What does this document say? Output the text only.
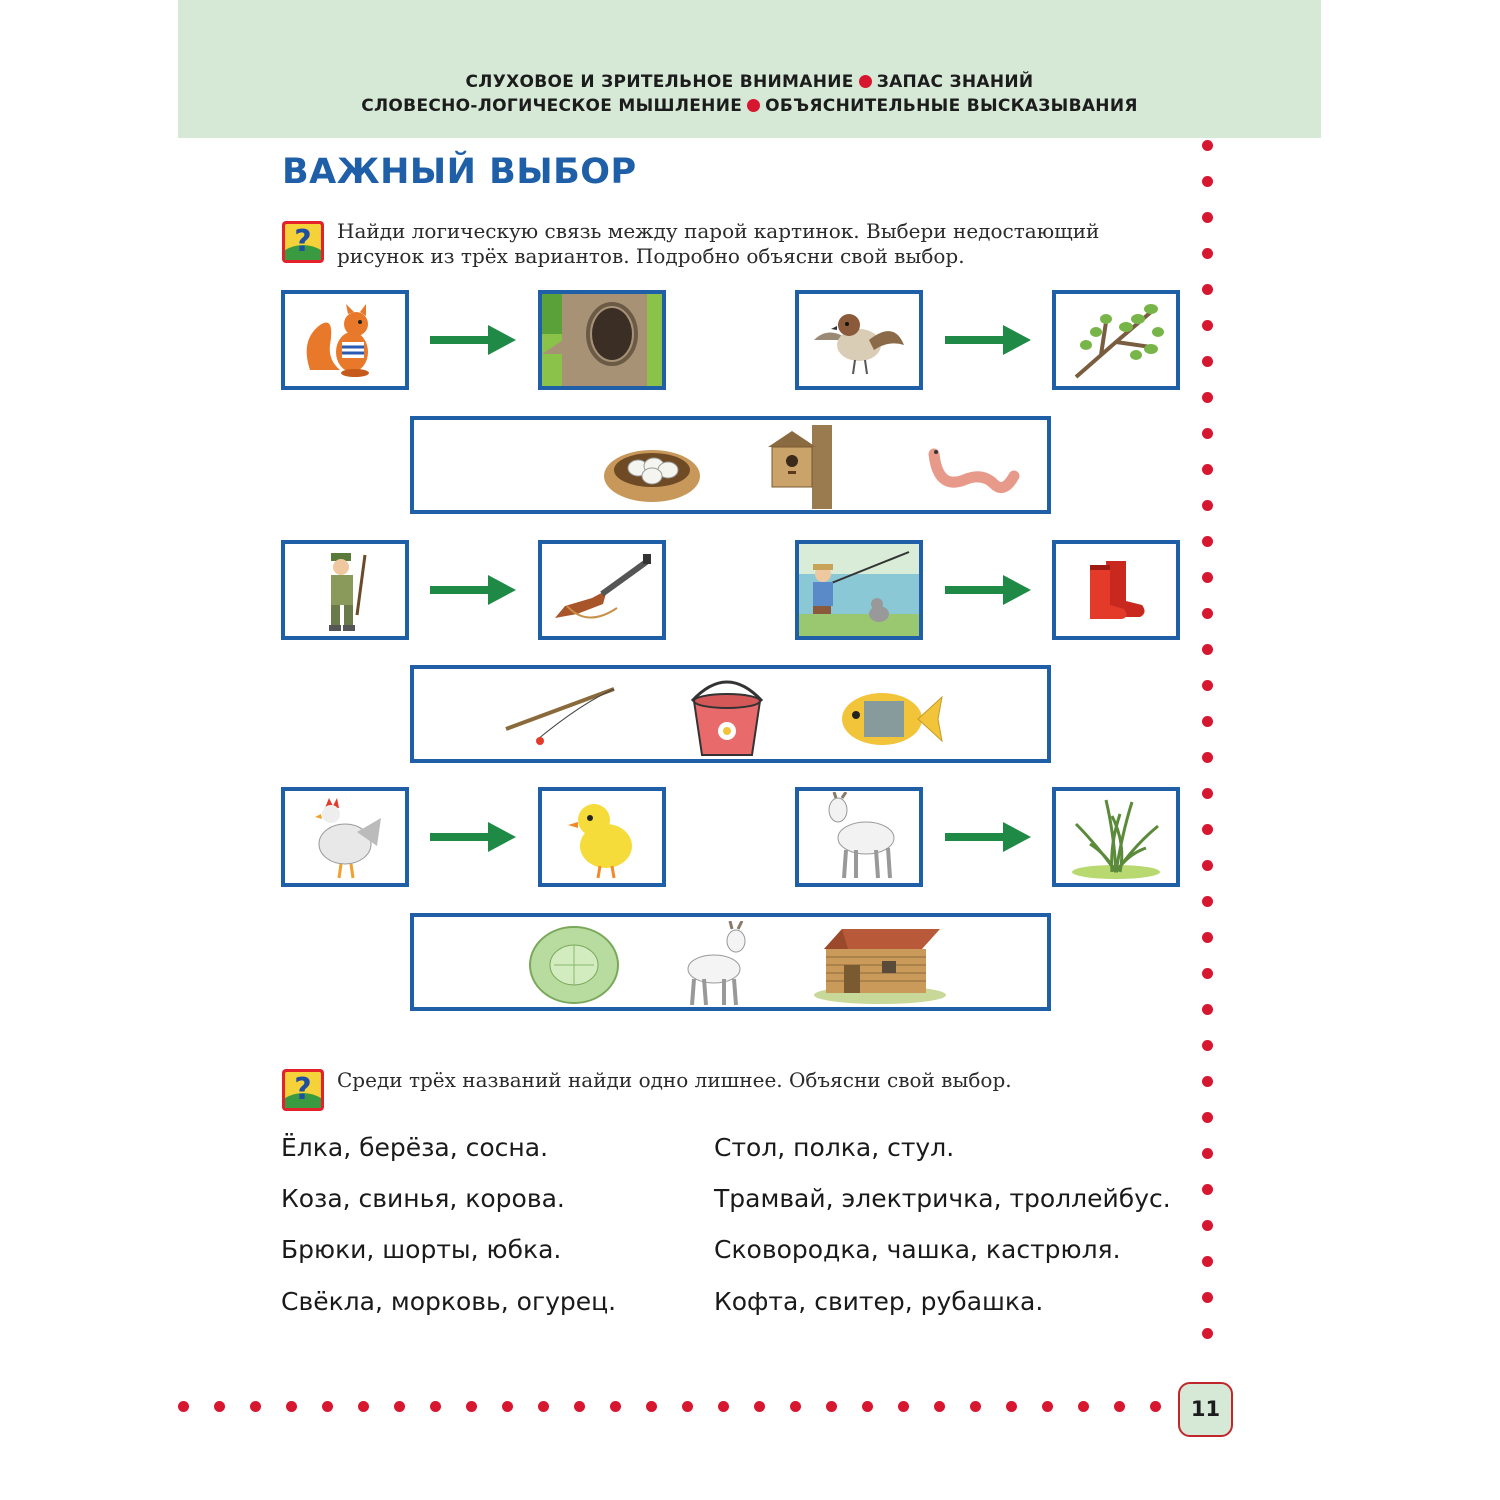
СЛУХОВОЕ И ЗРИТЕЛЬНОЕ ВНИМАНИЕ ЗАПАС ЗНАНИЙ
СЛОВЕСНО-ЛОГИЧЕСКОЕ МЫШЛЕНИЕ ОБЪЯСНИТЕЛЬНЫЕ ВЫСКАЗЫВАНИЯ
ВАЖНЫЙ ВЫБОР
? Найди логическую связь между парой картинок. Выбери недостающий
рисунок из трёх вариантов. Подробно объясни свой выбор.
? Среди трёх названий найди одно лишнее. Объясни свой выбор.
Ёлка, берёза, сосна.
Коза, свинья, корова.
Брюки, шорты, юбка.
Свёкла, морковь, огурец.
Стол, полка, стул.
Трамвай, электричка, троллейбус.
Сковородка, чашка, кастрюля.
Кофта, свитер, рубашка.
11
